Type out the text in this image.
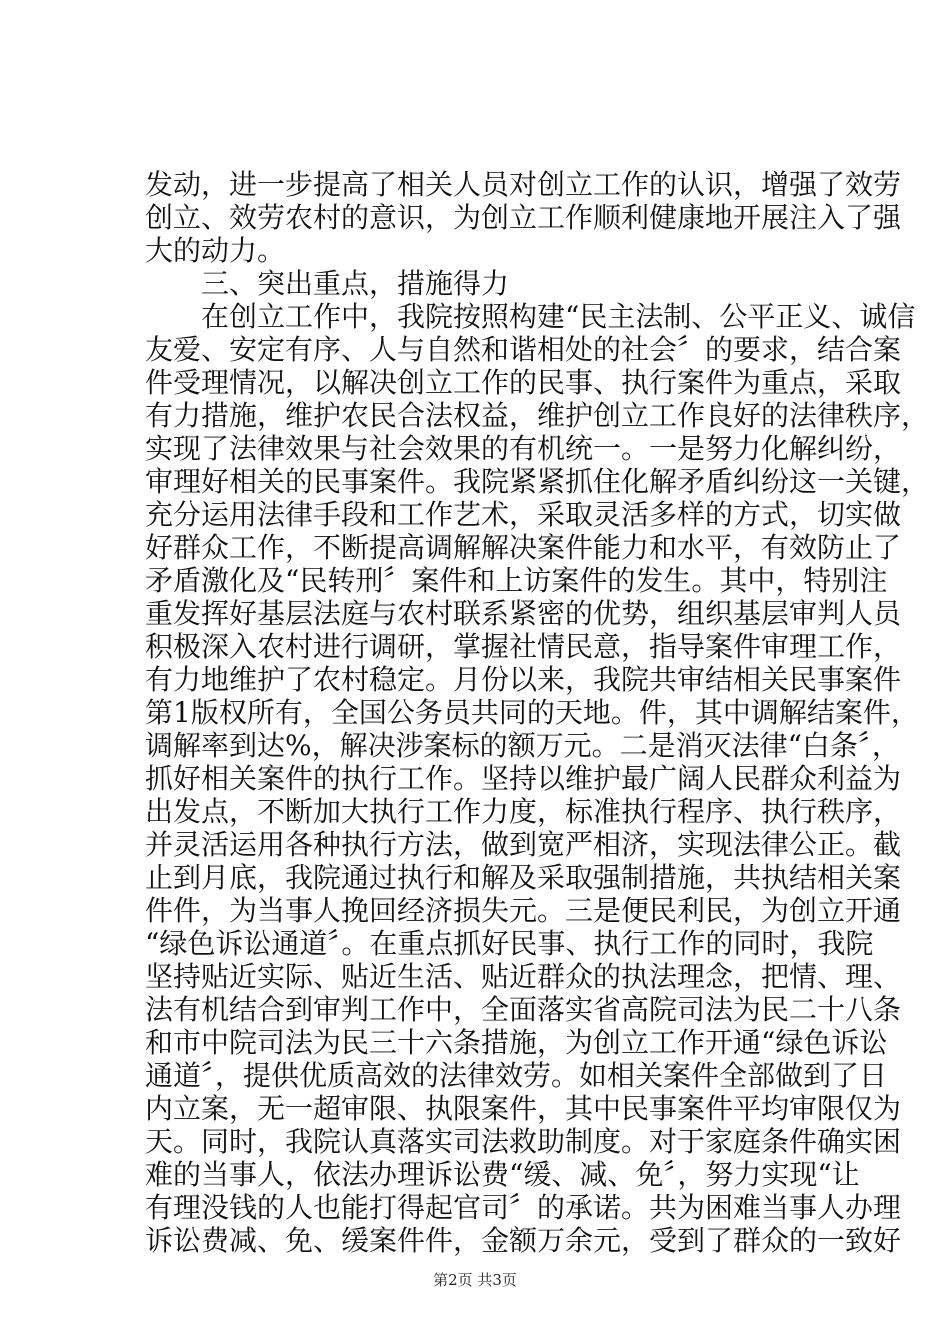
发动，进一步提高了相关人员对创立工作的认识，增强了效劳
创立、效劳农村的意识，为创立工作顺利健康地开展注入了强
大的动力。
三、突出重点，措施得力
在创立工作中，我院按照构建“民主法制、公平正义、诚信
友爱、安定有序、人与自然和谐相处的社会〞的要求，结合案
件受理情况，以解决创立工作的民事、执行案件为重点，采取
有力措施，维护农民合法权益，维护创立工作良好的法律秩序，
实现了法律效果与社会效果的有机统一。一是努力化解纠纷，
审理好相关的民事案件。我院紧紧抓住化解矛盾纠纷这一关键，
充分运用法律手段和工作艺术，采取灵活多样的方式，切实做
好群众工作，不断提高调解解决案件能力和水平，有效防止了
矛盾激化及“民转刑〞案件和上访案件的发生。其中，特别注
重发挥好基层法庭与农村联系紧密的优势，组织基层审判人员
积极深入农村进行调研，掌握社情民意，指导案件审理工作，
有力地维护了农村稳定。月份以来，我院共审结相关民事案件
第1版权所有，全国公务员共同的天地。件，其中调解结案件，
调解率到达%，解决涉案标的额万元。二是消灭法律“白条〞，
抓好相关案件的执行工作。坚持以维护最广阔人民群众利益为
出发点，不断加大执行工作力度，标准执行程序、执行秩序，
并灵活运用各种执行方法，做到宽严相济，实现法律公正。截
止到月底，我院通过执行和解及采取强制措施，共执结相关案
件件，为当事人挽回经济损失元。三是便民利民，为创立开通
“绿色诉讼通道〞。在重点抓好民事、执行工作的同时，我院
坚持贴近实际、贴近生活、贴近群众的执法理念，把情、理、
法有机结合到审判工作中，全面落实省高院司法为民二十八条
和市中院司法为民三十六条措施，为创立工作开通“绿色诉讼
通道〞，提供优质高效的法律效劳。如相关案件全部做到了日
内立案，无一超审限、执限案件，其中民事案件平均审限仅为
天。同时，我院认真落实司法救助制度。对于家庭条件确实困
难的当事人，依法办理诉讼费“缓、减、免〞，努力实现“让
有理没钱的人也能打得起官司〞的承诺。共为困难当事人办理
诉讼费减、免、缓案件件，金额万余元，受到了群众的一致好
第2页 共3页
